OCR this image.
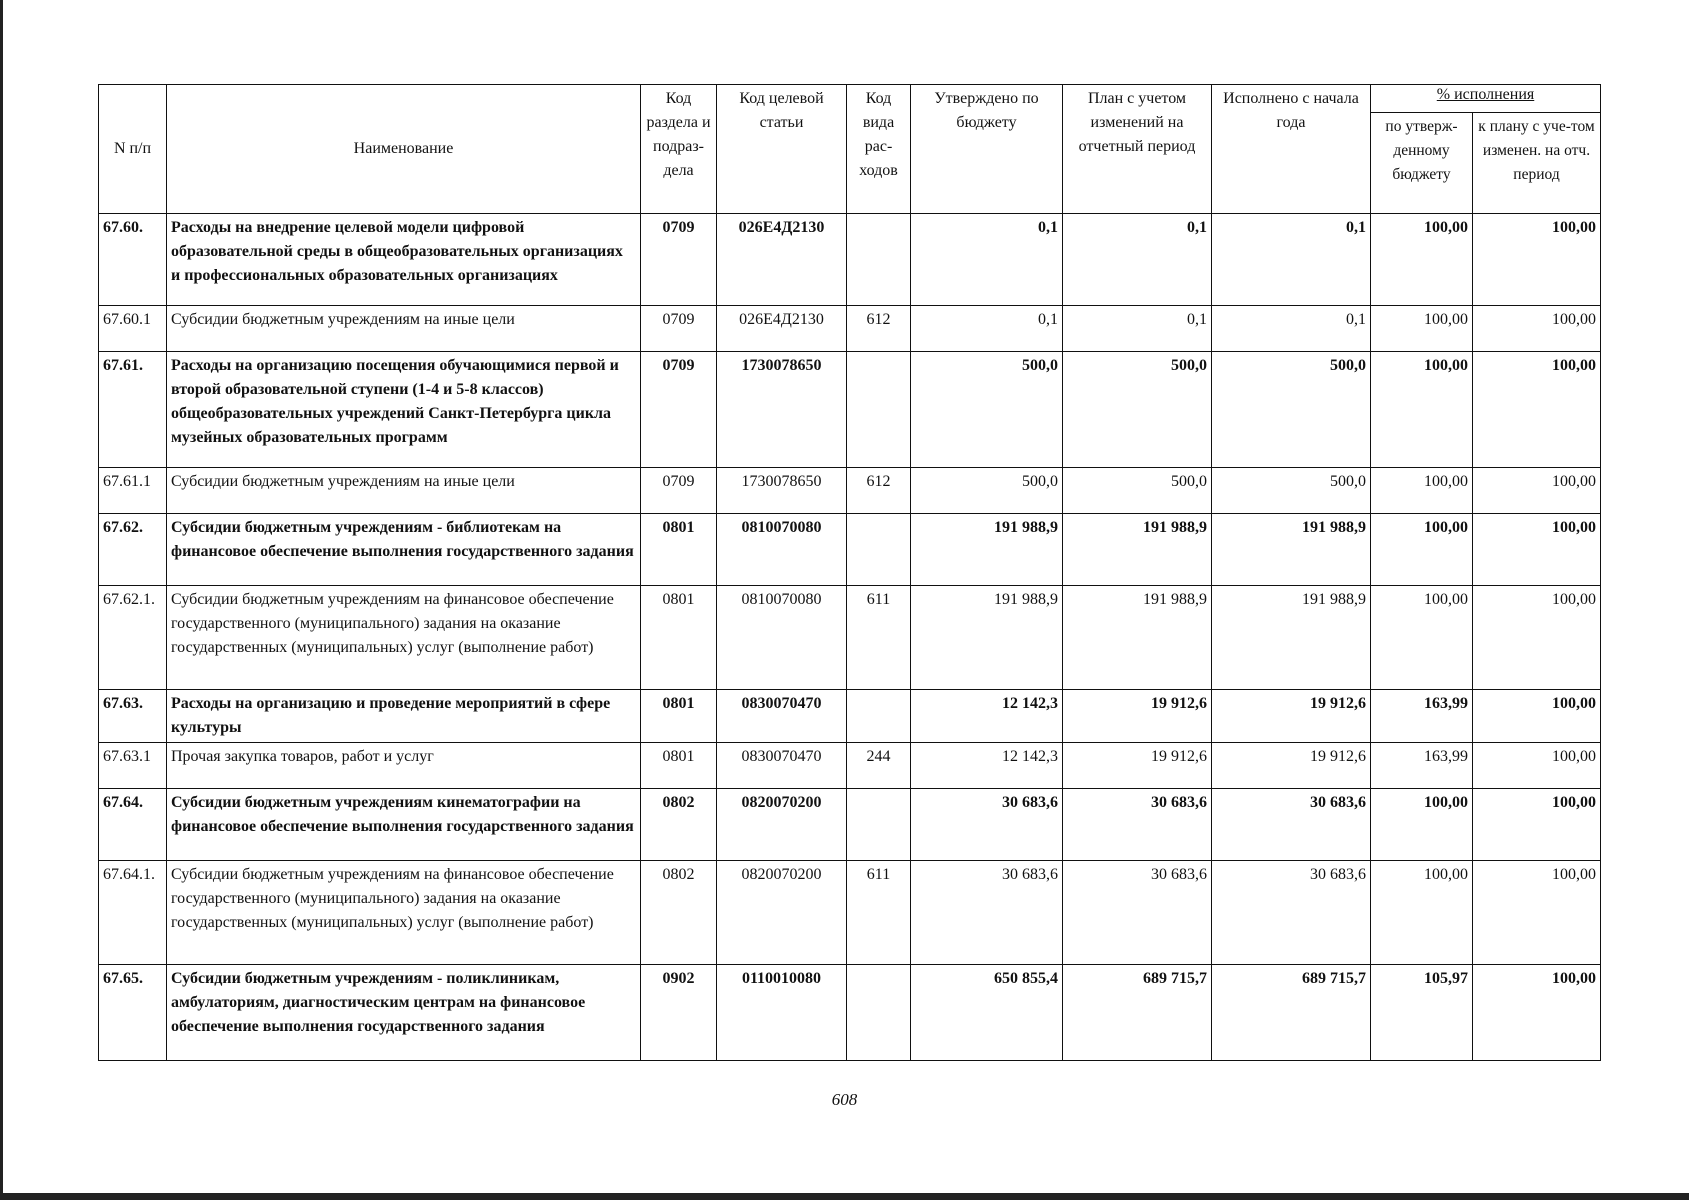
N п/п	Наименование	Код раздела и подраз-дела	Код целевой статьи	Код вида рас-ходов	Утверждено по бюджету	План с учетом изменений на отчетный период	Исполнено с начала года	% исполнения	
								по утверж-денному бюджету	к плану с уче-том изменен. на отч. период
67.60.	Расходы на внедрение целевой модели цифровой образовательной среды в общеобразовательных организациях и профессиональных образовательных организациях	0709	026Е4Д2130		0,1	0,1	0,1	100,00	100,00
67.60.1	Субсидии бюджетным учреждениям на иные цели	0709	026Е4Д2130	612	0,1	0,1	0,1	100,00	100,00
67.61.	Расходы на организацию посещения обучающимися первой и второй образовательной ступени (1-4 и 5-8 классов) общеобразовательных учреждений Санкт-Петербурга цикла музейных образовательных программ	0709	1730078650		500,0	500,0	500,0	100,00	100,00
67.61.1	Субсидии бюджетным учреждениям на иные цели	0709	1730078650	612	500,0	500,0	500,0	100,00	100,00
67.62.	Субсидии бюджетным учреждениям - библиотекам на финансовое обеспечение выполнения государственного задания	0801	0810070080		191 988,9	191 988,9	191 988,9	100,00	100,00
67.62.1.	Субсидии бюджетным учреждениям на финансовое обеспечение государственного (муниципального) задания на оказание государственных (муниципальных) услуг (выполнение работ)	0801	0810070080	611	191 988,9	191 988,9	191 988,9	100,00	100,00
67.63.	Расходы на организацию и проведение мероприятий в сфере культуры	0801	0830070470		12 142,3	19 912,6	19 912,6	163,99	100,00
67.63.1	Прочая закупка товаров, работ и услуг	0801	0830070470	244	12 142,3	19 912,6	19 912,6	163,99	100,00
67.64.	Субсидии бюджетным учреждениям кинематографии на финансовое обеспечение выполнения государственного задания	0802	0820070200		30 683,6	30 683,6	30 683,6	100,00	100,00
67.64.1.	Субсидии бюджетным учреждениям на финансовое обеспечение государственного (муниципального) задания на оказание государственных (муниципальных) услуг (выполнение работ)	0802	0820070200	611	30 683,6	30 683,6	30 683,6	100,00	100,00
67.65.	Субсидии бюджетным учреждениям - поликлиникам, амбулаториям, диагностическим центрам на финансовое обеспечение выполнения государственного задания	0902	0110010080		650 855,4	689 715,7	689 715,7	105,97	100,00
608
